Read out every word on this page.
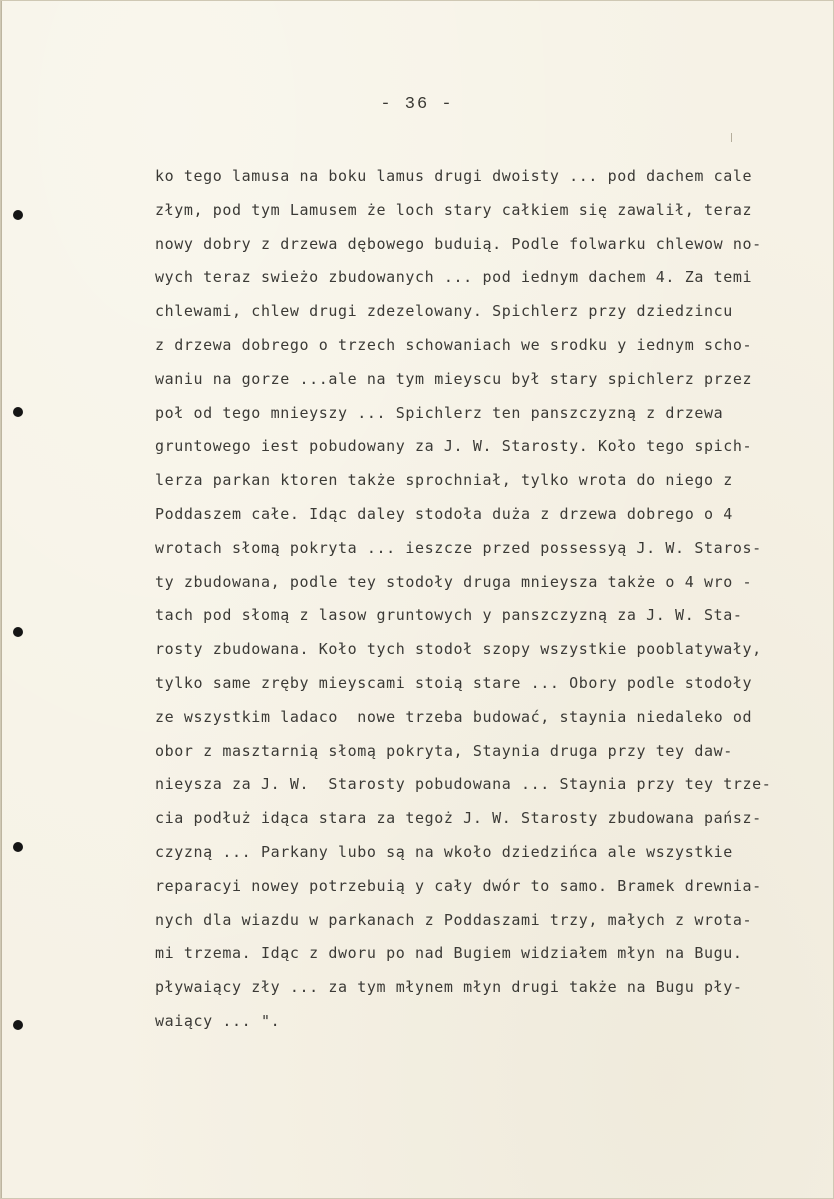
- 36 -
ko tego lamusa na boku lamus drugi dwoisty ... pod dachem cale
złym, pod tym Lamusem że loch stary całkiem się zawalił, teraz
nowy dobry z drzewa dębowego buduią. Podle folwarku chlewow no-
wych teraz swieżo zbudowanych ... pod iednym dachem 4. Za temi
chlewami, chlew drugi zdezelowany. Spichlerz przy dziedzincu
z drzewa dobrego o trzech schowaniach we srodku y iednym scho-
waniu na gorze ...ale na tym mieyscu był stary spichlerz przez
poł od tego mnieyszy ... Spichlerz ten panszczyzną z drzewa
gruntowego iest pobudowany za J. W. Starosty. Koło tego spich-
lerza parkan ktoren także sprochniał, tylko wrota do niego z
Poddaszem całe. Idąc daley stodoła duża z drzewa dobrego o 4
wrotach słomą pokryta ... ieszcze przed possessyą J. W. Staros-
ty zbudowana, podle tey stodoły druga mnieysza także o 4 wro -
tach pod słomą z lasow gruntowych y panszczyzną za J. W. Sta-
rosty zbudowana. Koło tych stodoł szopy wszystkie pooblatywały,
tylko same zręby mieyscami stoią stare ... Obory podle stodoły
ze wszystkim ladaco  nowe trzeba budować, staynia niedaleko od
obor z masztarnią słomą pokryta, Staynia druga przy tey daw-
nieysza za J. W.  Starosty pobudowana ... Staynia przy tey trze-
cia podłuż idąca stara za tegoż J. W. Starosty zbudowana pańsz-
czyzną ... Parkany lubo są na wkoło dziedzińca ale wszystkie
reparacyi nowey potrzebuią y cały dwór to samo. Bramek drewnia-
nych dla wiazdu w parkanach z Poddaszami trzy, małych z wrota-
mi trzema. Idąc z dworu po nad Bugiem widziałem młyn na Bugu.
pływaiący zły ... za tym młynem młyn drugi także na Bugu pły-
waiący ... ".
